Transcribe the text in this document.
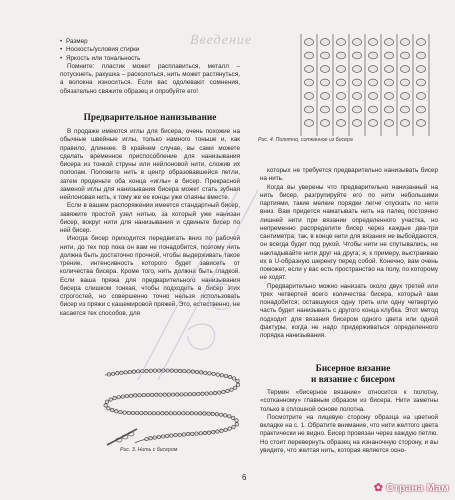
Введение
• Размер
• Носкость/условия стирки
• Яркость или тональность

Помните: пластик может расплавиться, металл – потускнеть, ракушка – расколоться, нить может растянуться, а волокна износиться. Если вас одолевают сомнения, обязательно свяжите образец и опробуйте его!

Предварительное нанизывание

В продаже имеются иглы для бисера, очень похожие на обычные швейные иглы, только намного тоньше и, как правило, длиннее. В крайнем случае, вы сами можете сделать временное приспособление для нанизывания бисера из тонкой струны или нейлоновой нити, сложив их пополам. Положите нить в центр образовавшейся петли, затем проденьте оба конца «иглы» в бисер. Прекрасной заменой иглы для нанизывания бисера может стать зубная нейлоновая нить, к тому же ее концы уже спаяны вместе.

Если в вашем распоряжении имеется стандартный бисер, завяжите простой узел нитью, за который уже нанизан бисер, вокруг нити для нанизывания и сдвиньте бисер по ней бисер.

Иногда бисер приходится передвигать вниз по рабочей нити, до тех пор пока он вам не понадобится, поэтому нить должна быть достаточно прочной, чтобы выдерживать такое трение, интенсивность которого будет зависеть от количества бисера. Кроме того, нить должна быть гладкой. Если ваша пряжа для предварительного нанизывания бисера слишком тонкая, чтобы подходить в бисер этих строгостей, но совершенно точно нельзя использовать бисер из пряжи с кашемировой пряжей. Это, естественно, не касается тех способов, для

Рис. 4. Полотно, сотканное из бисера

которых не требуется предварительно нанизывать бисер на нить.

Когда вы уверены что предварительно нанизанный на нить бисер, разгрупируйте его по нити небольшими партиями, такие мелкие порядки легче спускать по нити вниз. Вам придется наматывать нить на палец постоянно лишней нити при вязании определенного участка, но непременно распределите бисер через каждые два-три сантиметра; так, в конце нити для вязания не выбойдаются, он всегда будет под рукой. Чтобы нити не спутывались, не накладывайте нити друг на друга; я, к примеру, выстраиваю их в U-образную шеренгу перед собой. Конечно, вам очень поможет, если у вас есть пространство на полу, по которому не ходят.

Предварительно можно нанизать около двух третей или трех четвертей всего количества бисера, который вам понадобится; оставшуюся одну треть или одну четвертую часть будет нанизывать с другого конца клубка. Этот метод подходит для вязания бисером одного цвета или одной фактуры, когда не надо придерживаться определенного порядка нанизывания.

Бисерное вязание
и вязание с бисером

Термин «бисерное вязание» относится к полотну, «сотканному» главным образом из бисера. Нити заметны только в сплошной основе полотна.

Посмотрите на лицевую сторону образца на цветной вкладке на с. 1. Обратите внимание, что нити желтого цвета практически не видно. Бисер провязан через каждую петлю. Но стоит перевернуть образец на изнаночную сторону, и вы увидите, что желтая нить, которая является осно-

Рис. 3. Нить с бисером
6
✿ Страна Мам
